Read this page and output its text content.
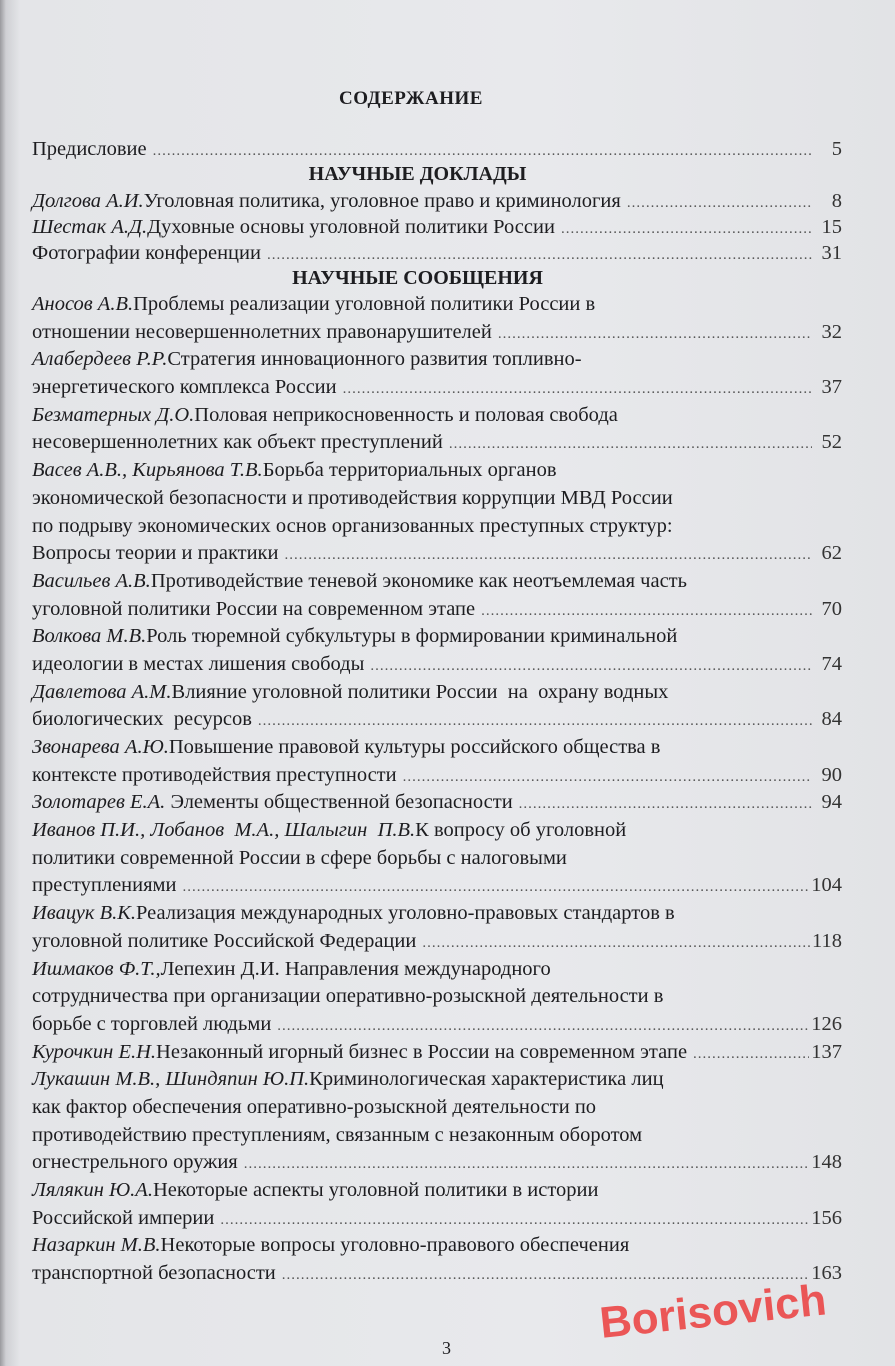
СОДЕРЖАНИЕ
Предисловие .....	5
НАУЧНЫЕ ДОКЛАДЫ
Долгова А.И. Уголовная политика, уголовное право и криминология .....	8
Шестак А.Д. Духовные основы уголовной политики России .....	15
Фотографии конференции .....	31
НАУЧНЫЕ СООБЩЕНИЯ
Аносов А.В. Проблемы реализации уголовной политики России в
отношении несовершеннолетних правонарушителей .....	32
Алабердеев Р.Р. Стратегия инновационного развития топливно-
энергетического комплекса России .....	37
Безматерных Д.О. Половая неприкосновенность и половая свобода
несовершеннолетних как объект преступлений .....	52
Васев А.В., Кирьянова Т.В. Борьба территориальных органов
экономической безопасности и противодействия коррупции МВД России
по подрыву экономических основ организованных преступных структур:
Вопросы теории и практики .....	62
Васильев А.В. Противодействие теневой экономике как неотъемлемая часть
уголовной политики России на современном этапе .....	70
Волкова М.В. Роль тюремной субкультуры в формировании криминальной
идеологии в местах лишения свободы .....	74
Давлетова А.М. Влияние уголовной политики России  на  охрану водных
биологических  ресурсов .....	84
Звонарева А.Ю. Повышение правовой культуры российского общества в
контексте противодействия преступности .....	90
Золотарев Е.А. Элементы общественной безопасности .....	94
Иванов П.И., Лобанов  М.А., Шалыгин  П.В. К вопросу об уголовной
политики современной России в сфере борьбы с налоговыми
преступлениями .....	104
Ивацук В.К. Реализация международных уголовно-правовых стандартов в
уголовной политике Российской Федерации .....	118
Ишмаков Ф.Т., Лепехин Д.И. Направления международного
сотрудничества при организации оперативно-розыскной деятельности в
борьбе с торговлей людьми .....	126
Курочкин Е.Н. Незаконный игорный бизнес в России на современном этапе .....	137
Лукашин М.В., Шиндяпин Ю.П. Криминологическая характеристика лиц
как фактор обеспечения оперативно-розыскной деятельности по
противодействию преступлениям, связанным с незаконным оборотом
огнестрельного оружия .....	148
Лялякин Ю.А. Некоторые аспекты уголовной политики в истории
Российской империи .....	156
Назаркин М.В. Некоторые вопросы уголовно-правового обеспечения
транспортной безопасности .....	163
3
Borisovich
